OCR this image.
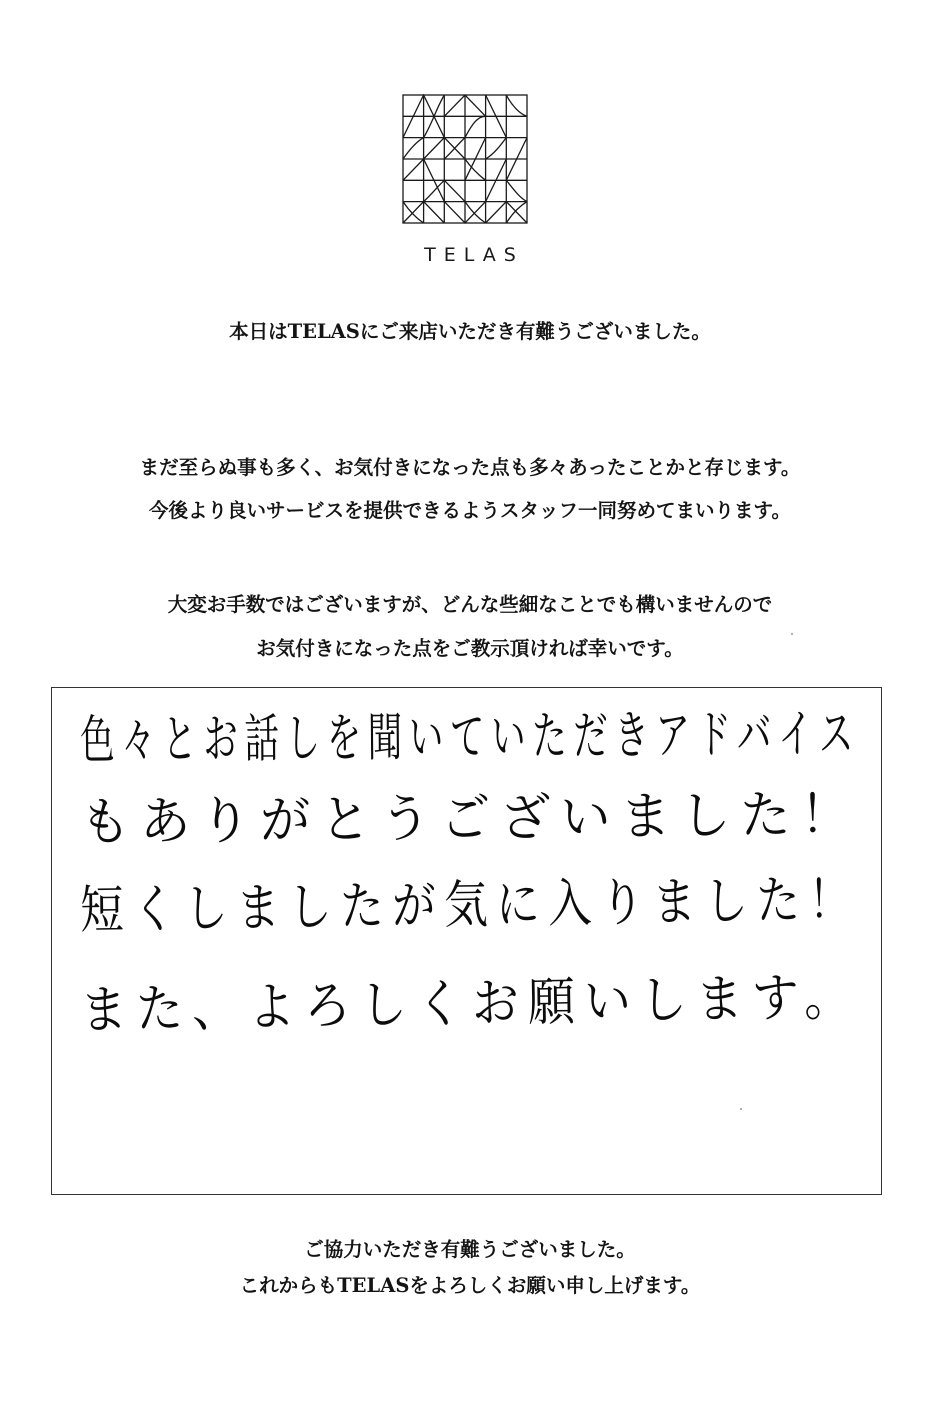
TELAS
本日はTELASにご来店いただき有難うございました。
まだ至らぬ事も多く、お気付きになった点も多々あったことかと存じます。
今後より良いサービスを提供できるようスタッフ一同努めてまいります。
大変お手数ではございますが、どんな些細なことでも構いませんので
お気付きになった点をご教示頂ければ幸いです。
色々とお話しを聞いていただきアドバイス
もありがとうございました！
短くしましたが気に入りました！
また、よろしくお願いします。
ご協力いただき有難うございました。
これからもTELASをよろしくお願い申し上げます。
